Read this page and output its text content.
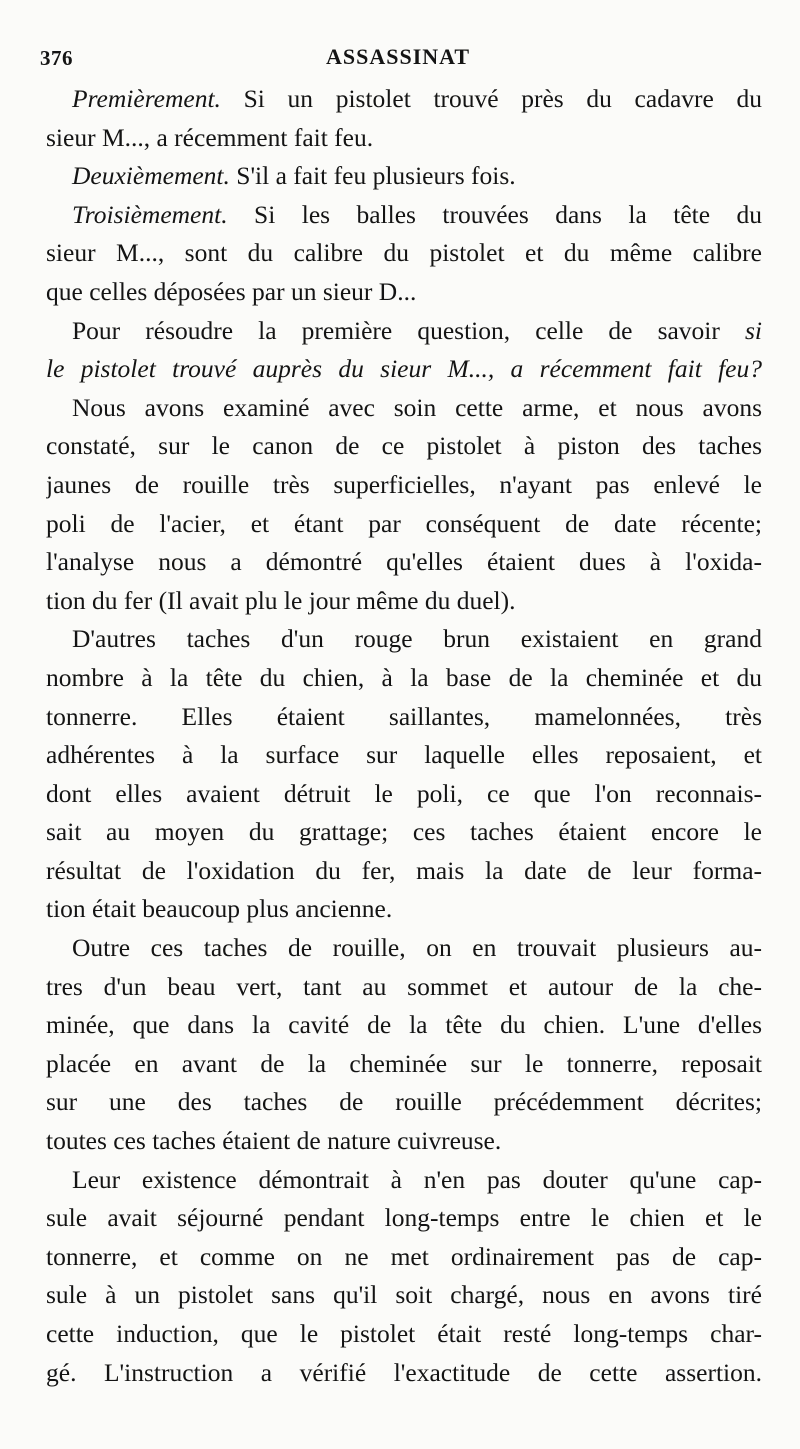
376	ASSASSINAT
Premièrement. Si un pistolet trouvé près du cadavre du
sieur M..., a récemment fait feu.
Deuxièmement. S'il a fait feu plusieurs fois.
Troisièmement. Si les balles trouvées dans la tête du
sieur M..., sont du calibre du pistolet et du même calibre
que celles déposées par un sieur D...
Pour résoudre la première question, celle de savoir si
le pistolet trouvé auprès du sieur M..., a récemment fait feu?
Nous avons examiné avec soin cette arme, et nous avons
constaté, sur le canon de ce pistolet à piston des taches
jaunes de rouille très superficielles, n'ayant pas enlevé le
poli de l'acier, et étant par conséquent de date récente;
l'analyse nous a démontré qu'elles étaient dues à l'oxida-
tion du fer (Il avait plu le jour même du duel).
D'autres taches d'un rouge brun existaient en grand
nombre à la tête du chien, à la base de la cheminée et du
tonnerre. Elles étaient saillantes, mamelonnées, très
adhérentes à la surface sur laquelle elles reposaient, et
dont elles avaient détruit le poli, ce que l'on reconnais-
sait au moyen du grattage; ces taches étaient encore le
résultat de l'oxidation du fer, mais la date de leur forma-
tion était beaucoup plus ancienne.
Outre ces taches de rouille, on en trouvait plusieurs au-
tres d'un beau vert, tant au sommet et autour de la che-
minée, que dans la cavité de la tête du chien. L'une d'elles
placée en avant de la cheminée sur le tonnerre, reposait
sur une des taches de rouille précédemment décrites;
toutes ces taches étaient de nature cuivreuse.
Leur existence démontrait à n'en pas douter qu'une cap-
sule avait séjourné pendant long-temps entre le chien et le
tonnerre, et comme on ne met ordinairement pas de cap-
sule à un pistolet sans qu'il soit chargé, nous en avons tiré
cette induction, que le pistolet était resté long-temps char-
gé. L'instruction a vérifié l'exactitude de cette assertion.
